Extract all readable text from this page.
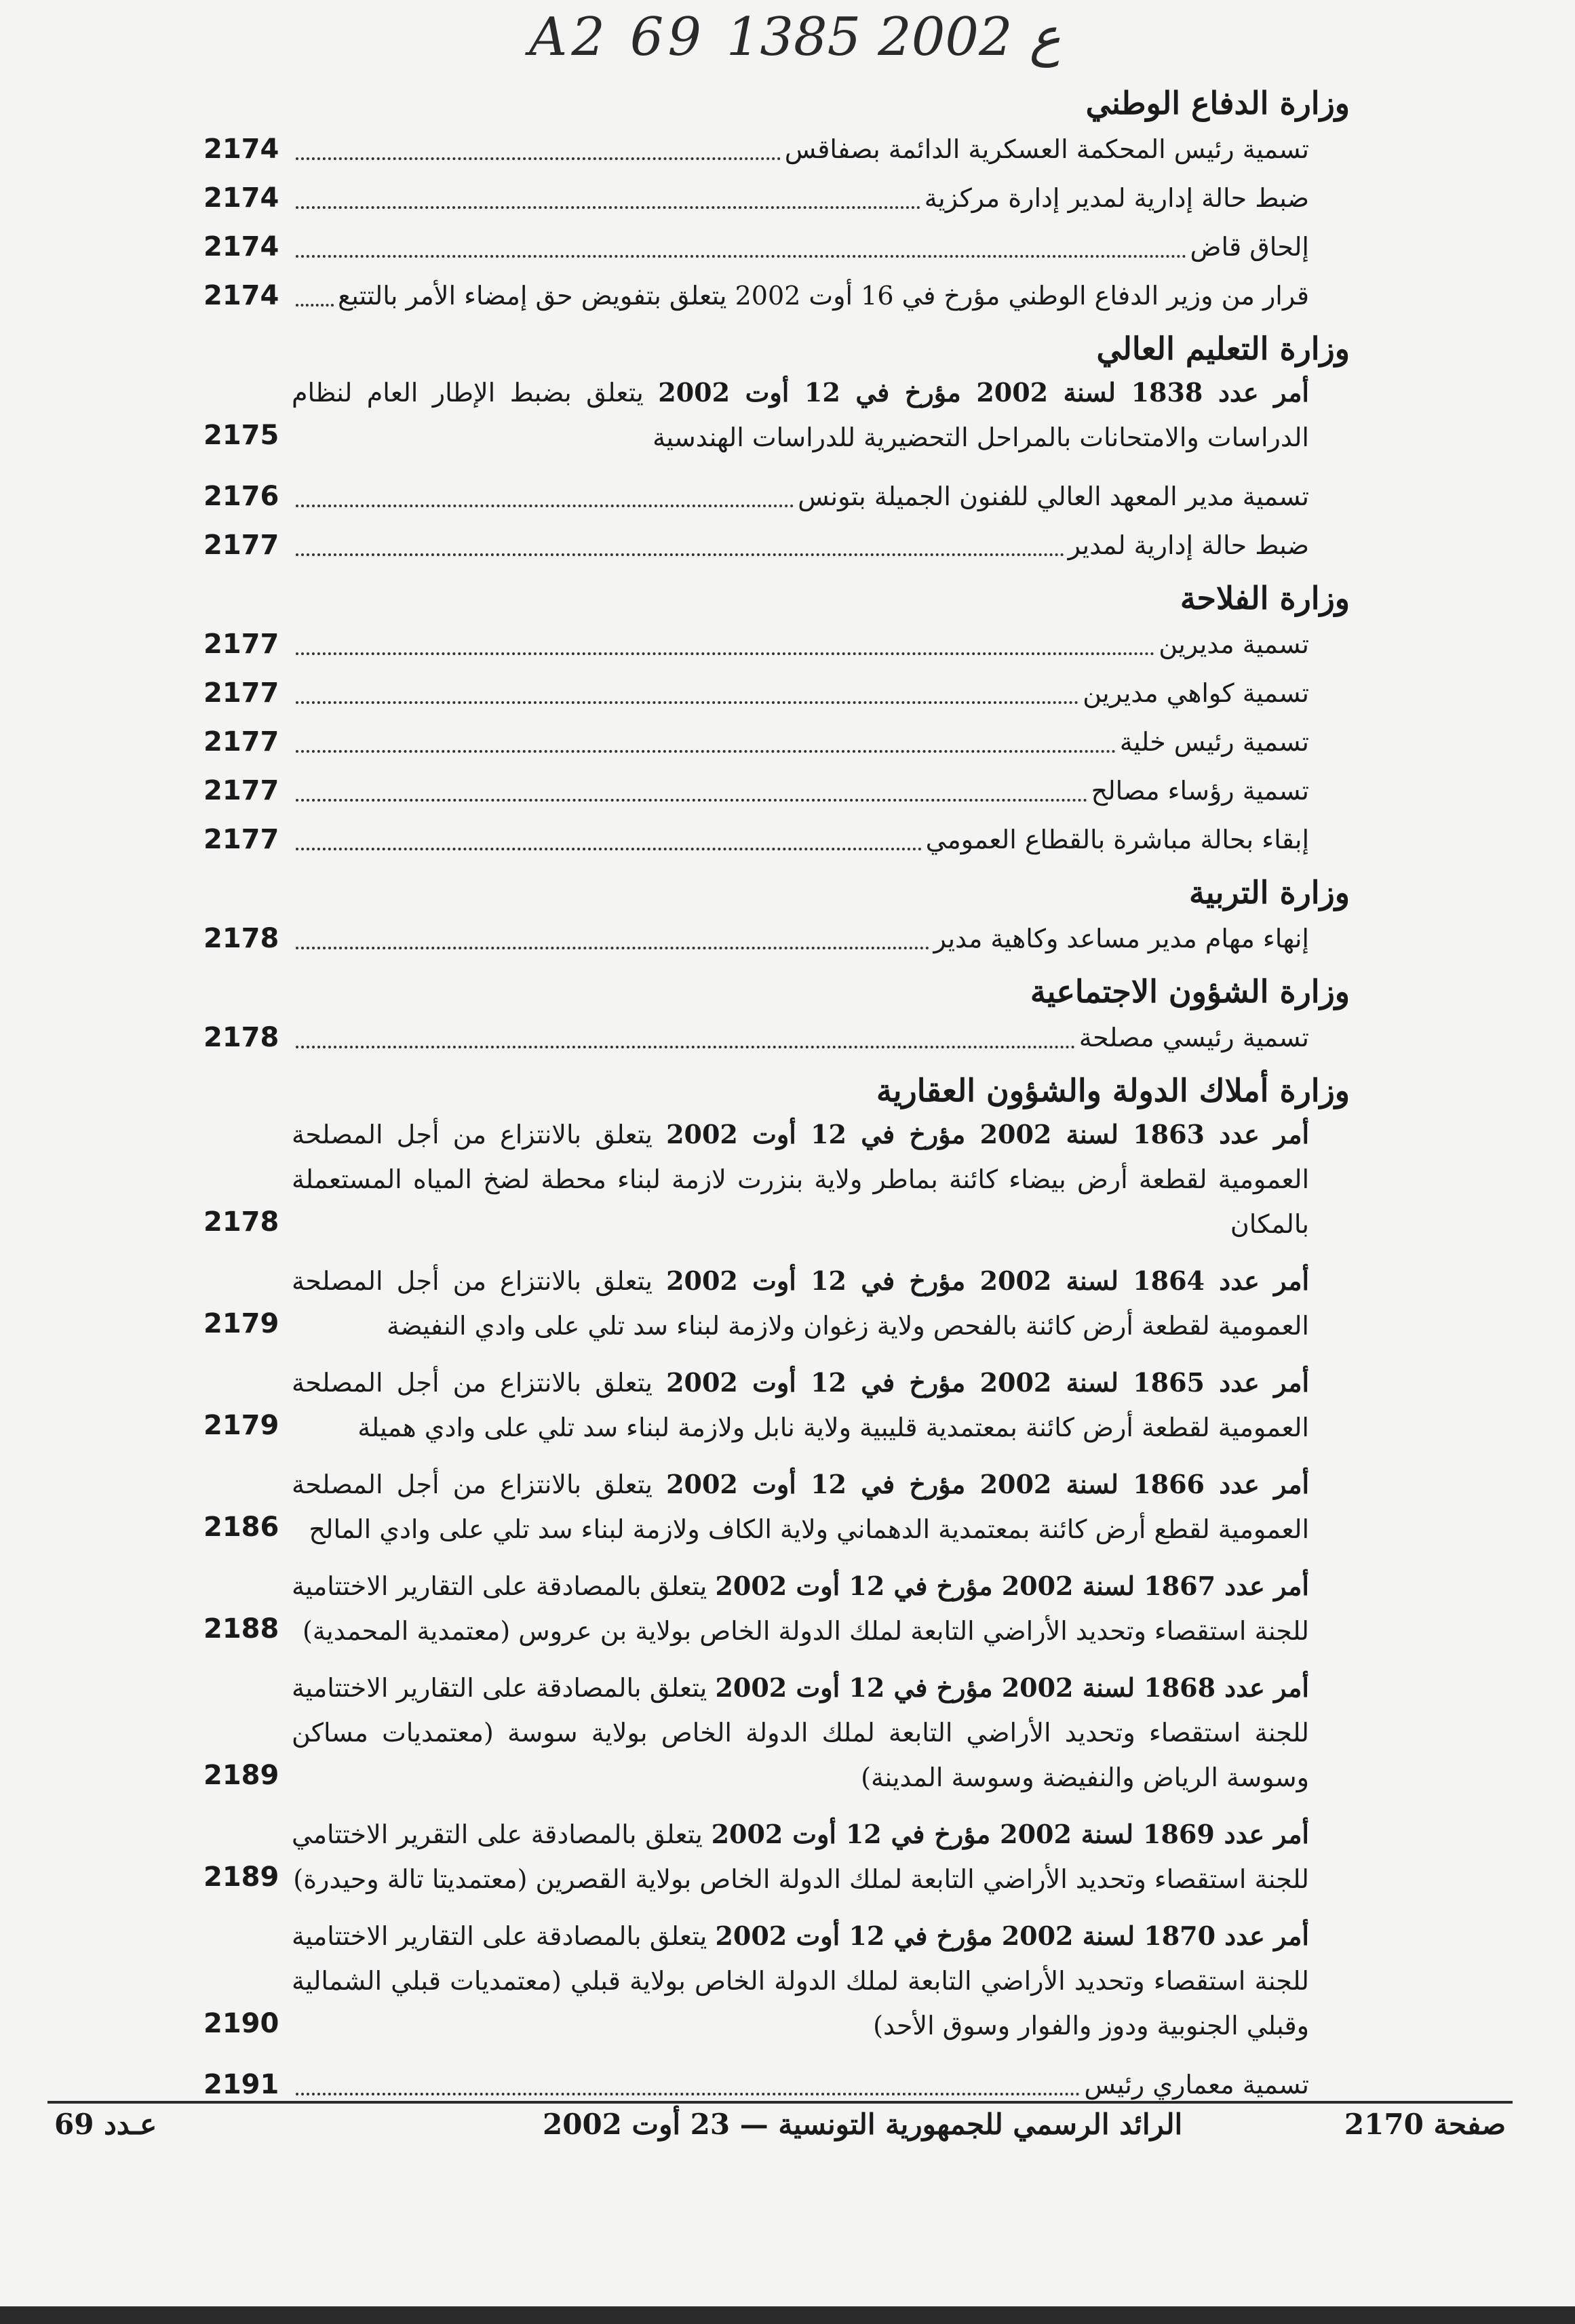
A2 69 ع 2002 1385
وزارة الدفاع الوطني
تسمية رئيس المحكمة العسكرية الدائمة بصفاقس
2174
ضبط حالة إدارية لمدير إدارة مركزية
2174
إلحاق قاض
2174
قرار من وزير الدفاع الوطني مؤرخ في 16 أوت 2002 يتعلق بتفويض حق إمضاء الأمر بالتتبع
2174
وزارة التعليم العالي
أمر عدد 1838 لسنة 2002 مؤرخ في 12 أوت 2002 يتعلق بضبط الإطار العام لنظام الدراسات والامتحانات بالمراحل التحضيرية للدراسات الهندسية
2175
تسمية مدير المعهد العالي للفنون الجميلة بتونس
2176
ضبط حالة إدارية لمدير
2177
وزارة الفلاحة
تسمية مديرين
2177
تسمية كواهي مديرين
2177
تسمية رئيس خلية
2177
تسمية رؤساء مصالح
2177
إبقاء بحالة مباشرة بالقطاع العمومي
2177
وزارة التربية
إنهاء مهام مدير مساعد وكاهية مدير
2178
وزارة الشؤون الاجتماعية
تسمية رئيسي مصلحة
2178
وزارة أملاك الدولة والشؤون العقارية
أمر عدد 1863 لسنة 2002 مؤرخ في 12 أوت 2002 يتعلق بالانتزاع من أجل المصلحة العمومية لقطعة أرض بيضاء كائنة بماطر ولاية بنزرت لازمة لبناء محطة لضخ المياه المستعملة بالمكان
2178
أمر عدد 1864 لسنة 2002 مؤرخ في 12 أوت 2002 يتعلق بالانتزاع من أجل المصلحة العمومية لقطعة أرض كائنة بالفحص ولاية زغوان ولازمة لبناء سد تلي على وادي النفيضة
2179
أمر عدد 1865 لسنة 2002 مؤرخ في 12 أوت 2002 يتعلق بالانتزاع من أجل المصلحة العمومية لقطعة أرض كائنة بمعتمدية قليبية ولاية نابل ولازمة لبناء سد تلي على وادي هميلة
2179
أمر عدد 1866 لسنة 2002 مؤرخ في 12 أوت 2002 يتعلق بالانتزاع من أجل المصلحة العمومية لقطع أرض كائنة بمعتمدية الدهماني ولاية الكاف ولازمة لبناء سد تلي على وادي المالح
2186
أمر عدد 1867 لسنة 2002 مؤرخ في 12 أوت 2002 يتعلق بالمصادقة على التقارير الاختتامية للجنة استقصاء وتحديد الأراضي التابعة لملك الدولة الخاص بولاية بن عروس (معتمدية المحمدية)
2188
أمر عدد 1868 لسنة 2002 مؤرخ في 12 أوت 2002 يتعلق بالمصادقة على التقارير الاختتامية للجنة استقصاء وتحديد الأراضي التابعة لملك الدولة الخاص بولاية سوسة (معتمديات مساكن وسوسة الرياض والنفيضة وسوسة المدينة)
2189
أمر عدد 1869 لسنة 2002 مؤرخ في 12 أوت 2002 يتعلق بالمصادقة على التقرير الاختتامي للجنة استقصاء وتحديد الأراضي التابعة لملك الدولة الخاص بولاية القصرين (معتمديتا تالة وحيدرة)
2189
أمر عدد 1870 لسنة 2002 مؤرخ في 12 أوت 2002 يتعلق بالمصادقة على التقارير الاختتامية للجنة استقصاء وتحديد الأراضي التابعة لملك الدولة الخاص بولاية قبلي (معتمديات قبلي الشمالية وقبلي الجنوبية ودوز والفوار وسوق الأحد)
2190
تسمية معماري رئيس
2191
عـدد 69	الرائد الرسمي للجمهورية التونسية — 23 أوت 2002	صفحة 2170
